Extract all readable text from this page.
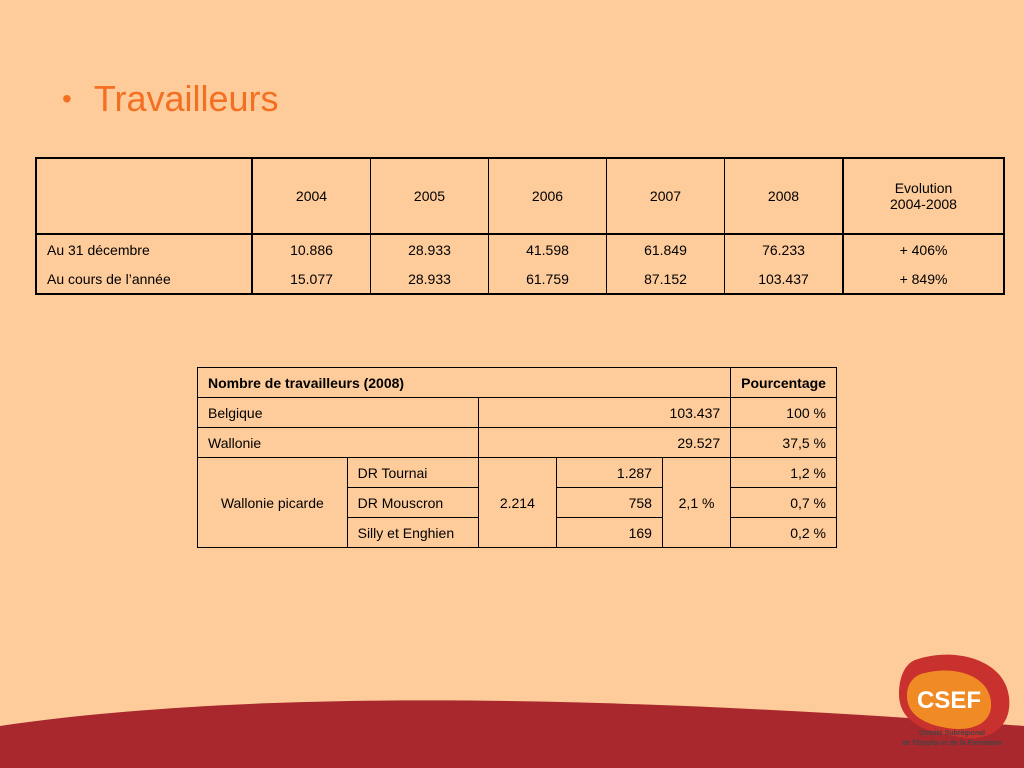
• Travailleurs
	2004	2005	2006	2007	2008	Evolution
2004-2008

Au 31 décembre	10.886	28.933	41.598	61.849	76.233	+ 406%
Au cours de l’année	15.077	28.933	61.759	87.152	103.437	+ 849%
Nombre de travailleurs (2008)					Pourcentage
Belgique		103.437			100 %
Wallonie		29.527			37,5 %
Wallonie picarde	DR Tournai	2.214	1.287	2,1 %	1,2 %
	DR Mouscron		758		0,7 %
	Silly et Enghien		169		0,2 %
CSEF
Comité Subrégional
de l’Emploi et de la Formation
